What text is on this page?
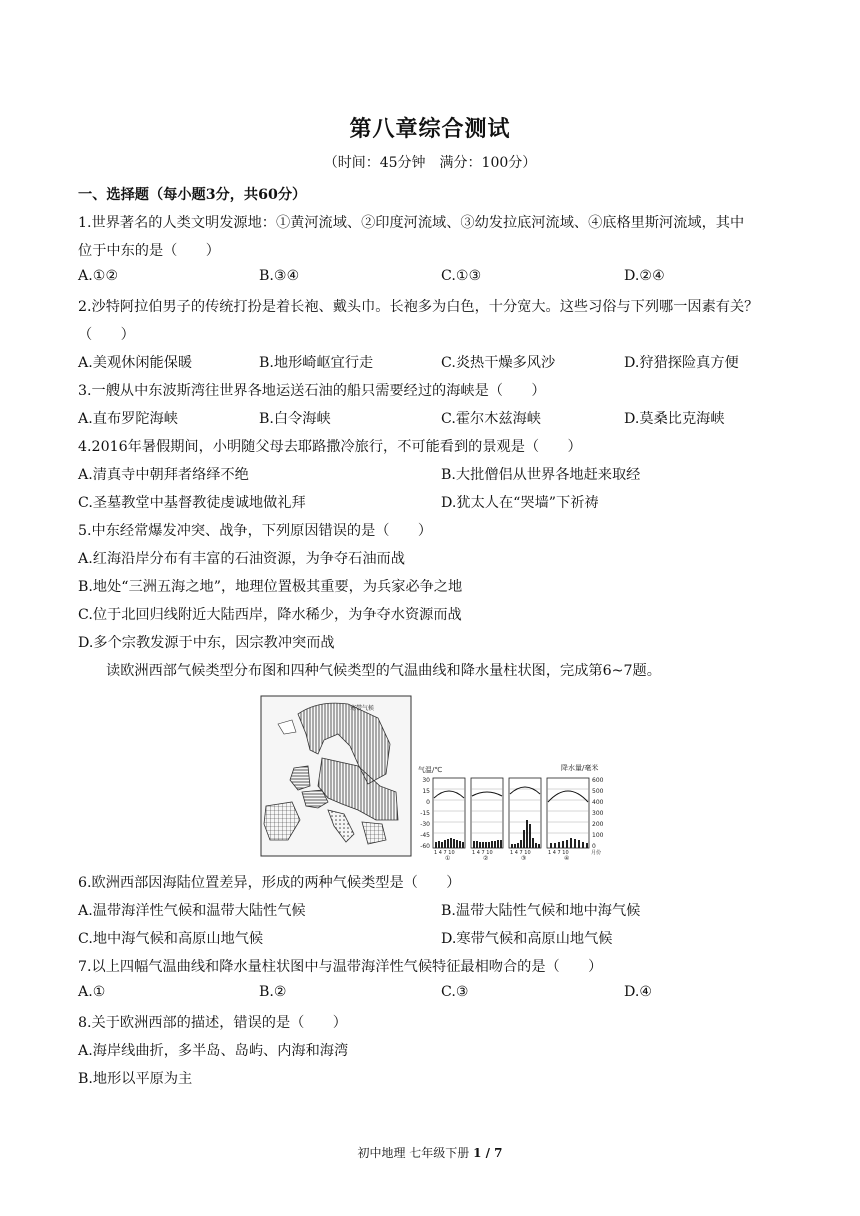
第八章综合测试
（时间：45分钟　满分：100分）
一、选择题（每小题3分，共60分）
1.世界著名的人类文明发源地：①黄河流域、②印度河流域、③幼发拉底河流域、④底格里斯河流域，其中
位于中东的是（　　）
A.①②	B.③④	C.①③	D.②④
2.沙特阿拉伯男子的传统打扮是着长袍、戴头巾。长袍多为白色，十分宽大。这些习俗与下列哪一因素有关？
（　　）
A.美观休闲能保暖	B.地形崎岖宜行走	C.炎热干燥多风沙	D.狩猎探险真方便
3.一艘从中东波斯湾往世界各地运送石油的船只需要经过的海峡是（　　）
A.直布罗陀海峡	B.白令海峡	C.霍尔木兹海峡	D.莫桑比克海峡
4.2016年暑假期间，小明随父母去耶路撒冷旅行，不可能看到的景观是（　　）
A.清真寺中朝拜者络绎不绝	B.大批僧侣从世界各地赶来取经
C.圣墓教堂中基督教徒虔诚地做礼拜	D.犹太人在“哭墙”下祈祷
5.中东经常爆发冲突、战争，下列原因错误的是（　　）
A.红海沿岸分布有丰富的石油资源，为争夺石油而战
B.地处“三洲五海之地”，地理位置极其重要，为兵家必争之地
C.位于北回归线附近大陆西岸，降水稀少，为争夺水资源而战
D.多个宗教发源于中东，因宗教冲突而战
读欧洲西部气候类型分布图和四种气候类型的气温曲线和降水量柱状图，完成第6~7题。
寒带气候
气温/℃	降水量/毫米
30
15
0
-15
-30
-45
-60
600
500
400
300
200
100
0
1 4 7 10
①
1 4 7 10
②
1 4 7 10
③
1 4 7 10	月份
④
6.欧洲西部因海陆位置差异，形成的两种气候类型是（　　）
A.温带海洋性气候和温带大陆性气候	B.温带大陆性气候和地中海气候
C.地中海气候和高原山地气候	D.寒带气候和高原山地气候
7.以上四幅气温曲线和降水量柱状图中与温带海洋性气候特征最相吻合的是（　　）
A.①	B.②	C.③	D.④
8.关于欧洲西部的描述，错误的是（　　）
A.海岸线曲折，多半岛、岛屿、内海和海湾
B.地形以平原为主
初中地理 七年级下册 1 / 7
